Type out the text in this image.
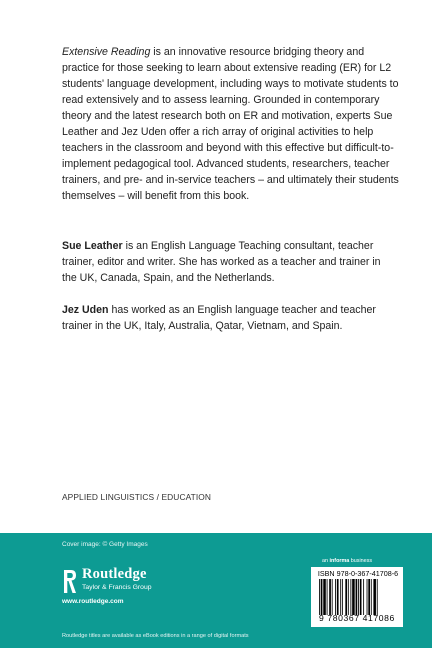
Extensive Reading is an innovative resource bridging theory and practice for those seeking to learn about extensive reading (ER) for L2 students' language development, including ways to motivate students to read extensively and to assess learning. Grounded in contemporary theory and the latest research both on ER and motivation, experts Sue Leather and Jez Uden offer a rich array of original activities to help teachers in the classroom and beyond with this effective but difficult-to-implement pedagogical tool. Advanced students, researchers, teacher trainers, and pre- and in-service teachers – and ultimately their students themselves – will benefit from this book.

Sue Leather is an English Language Teaching consultant, teacher trainer, editor and writer. She has worked as a teacher and trainer in the UK, Canada, Spain, and the Netherlands.

Jez Uden has worked as an English language teacher and teacher trainer in the UK, Italy, Australia, Qatar, Vietnam, and Spain.

APPLIED LINGUISTICS / EDUCATION
Cover image: © Getty Images
Routledge
Taylor & Francis Group
www.routledge.com
an informa business
ISBN 978-0-367-41708-6
9 780367 417086
Routledge titles are available as eBook editions in a range of digital formats
